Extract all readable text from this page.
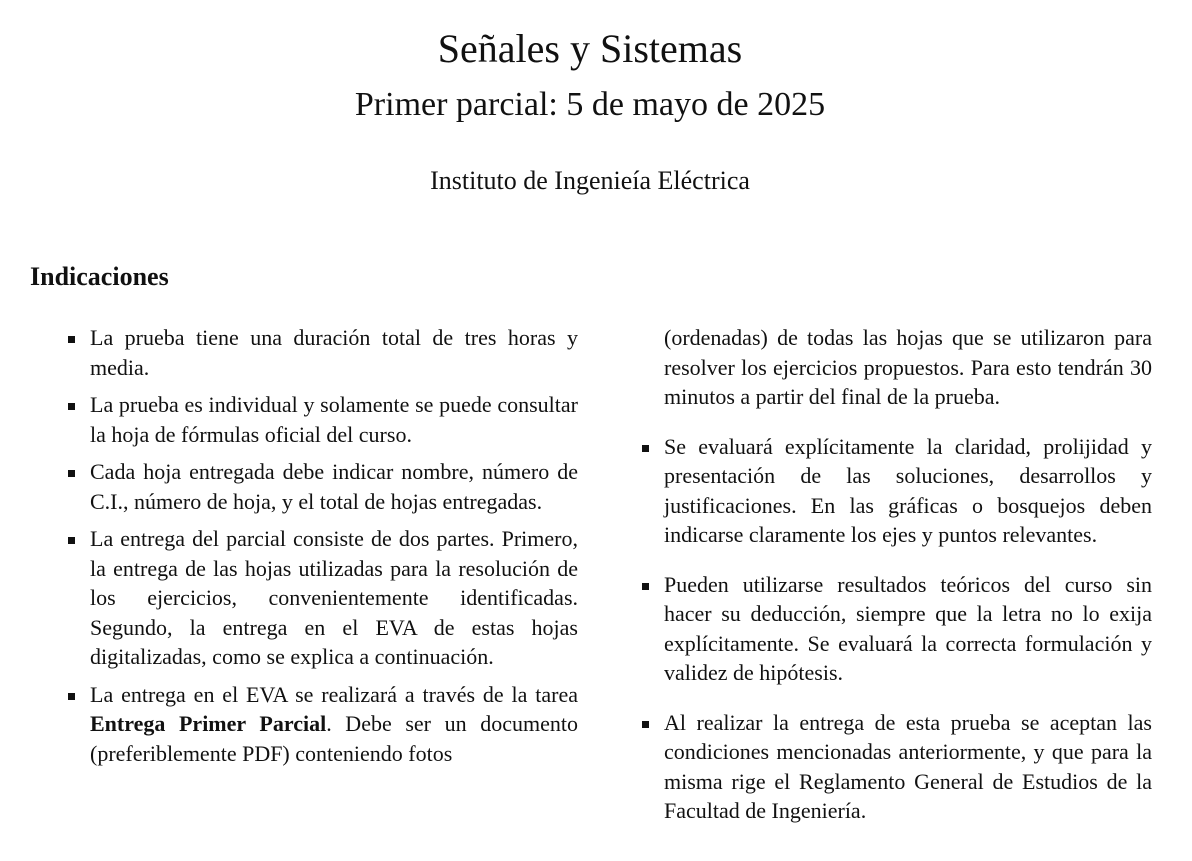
Señales y Sistemas
Primer parcial: 5 de mayo de 2025
Instituto de Ingenieía Eléctrica
Indicaciones
La prueba tiene una duración total de tres horas y media.
La prueba es individual y solamente se puede consultar la hoja de fórmulas oficial del curso.
Cada hoja entregada debe indicar nombre, número de C.I., número de hoja, y el total de hojas entregadas.
La entrega del parcial consiste de dos partes. Primero, la entrega de las hojas utilizadas para la resolución de los ejercicios, convenientemente identificadas. Segundo, la entrega en el EVA de estas hojas digitalizadas, como se explica a continuación.
La entrega en el EVA se realizará a través de la tarea Entrega Primer Parcial. Debe ser un documento (preferiblemente PDF) conteniendo fotos
(ordenadas) de todas las hojas que se utilizaron para resolver los ejercicios propuestos. Para esto tendrán 30 minutos a partir del final de la prueba.
Se evaluará explícitamente la claridad, prolijidad y presentación de las soluciones, desarrollos y justificaciones. En las gráficas o bosquejos deben indicarse claramente los ejes y puntos relevantes.
Pueden utilizarse resultados teóricos del curso sin hacer su deducción, siempre que la letra no lo exija explícitamente. Se evaluará la correcta formulación y validez de hipótesis.
Al realizar la entrega de esta prueba se aceptan las condiciones mencionadas anteriormente, y que para la misma rige el Reglamento General de Estudios de la Facultad de Ingeniería.
